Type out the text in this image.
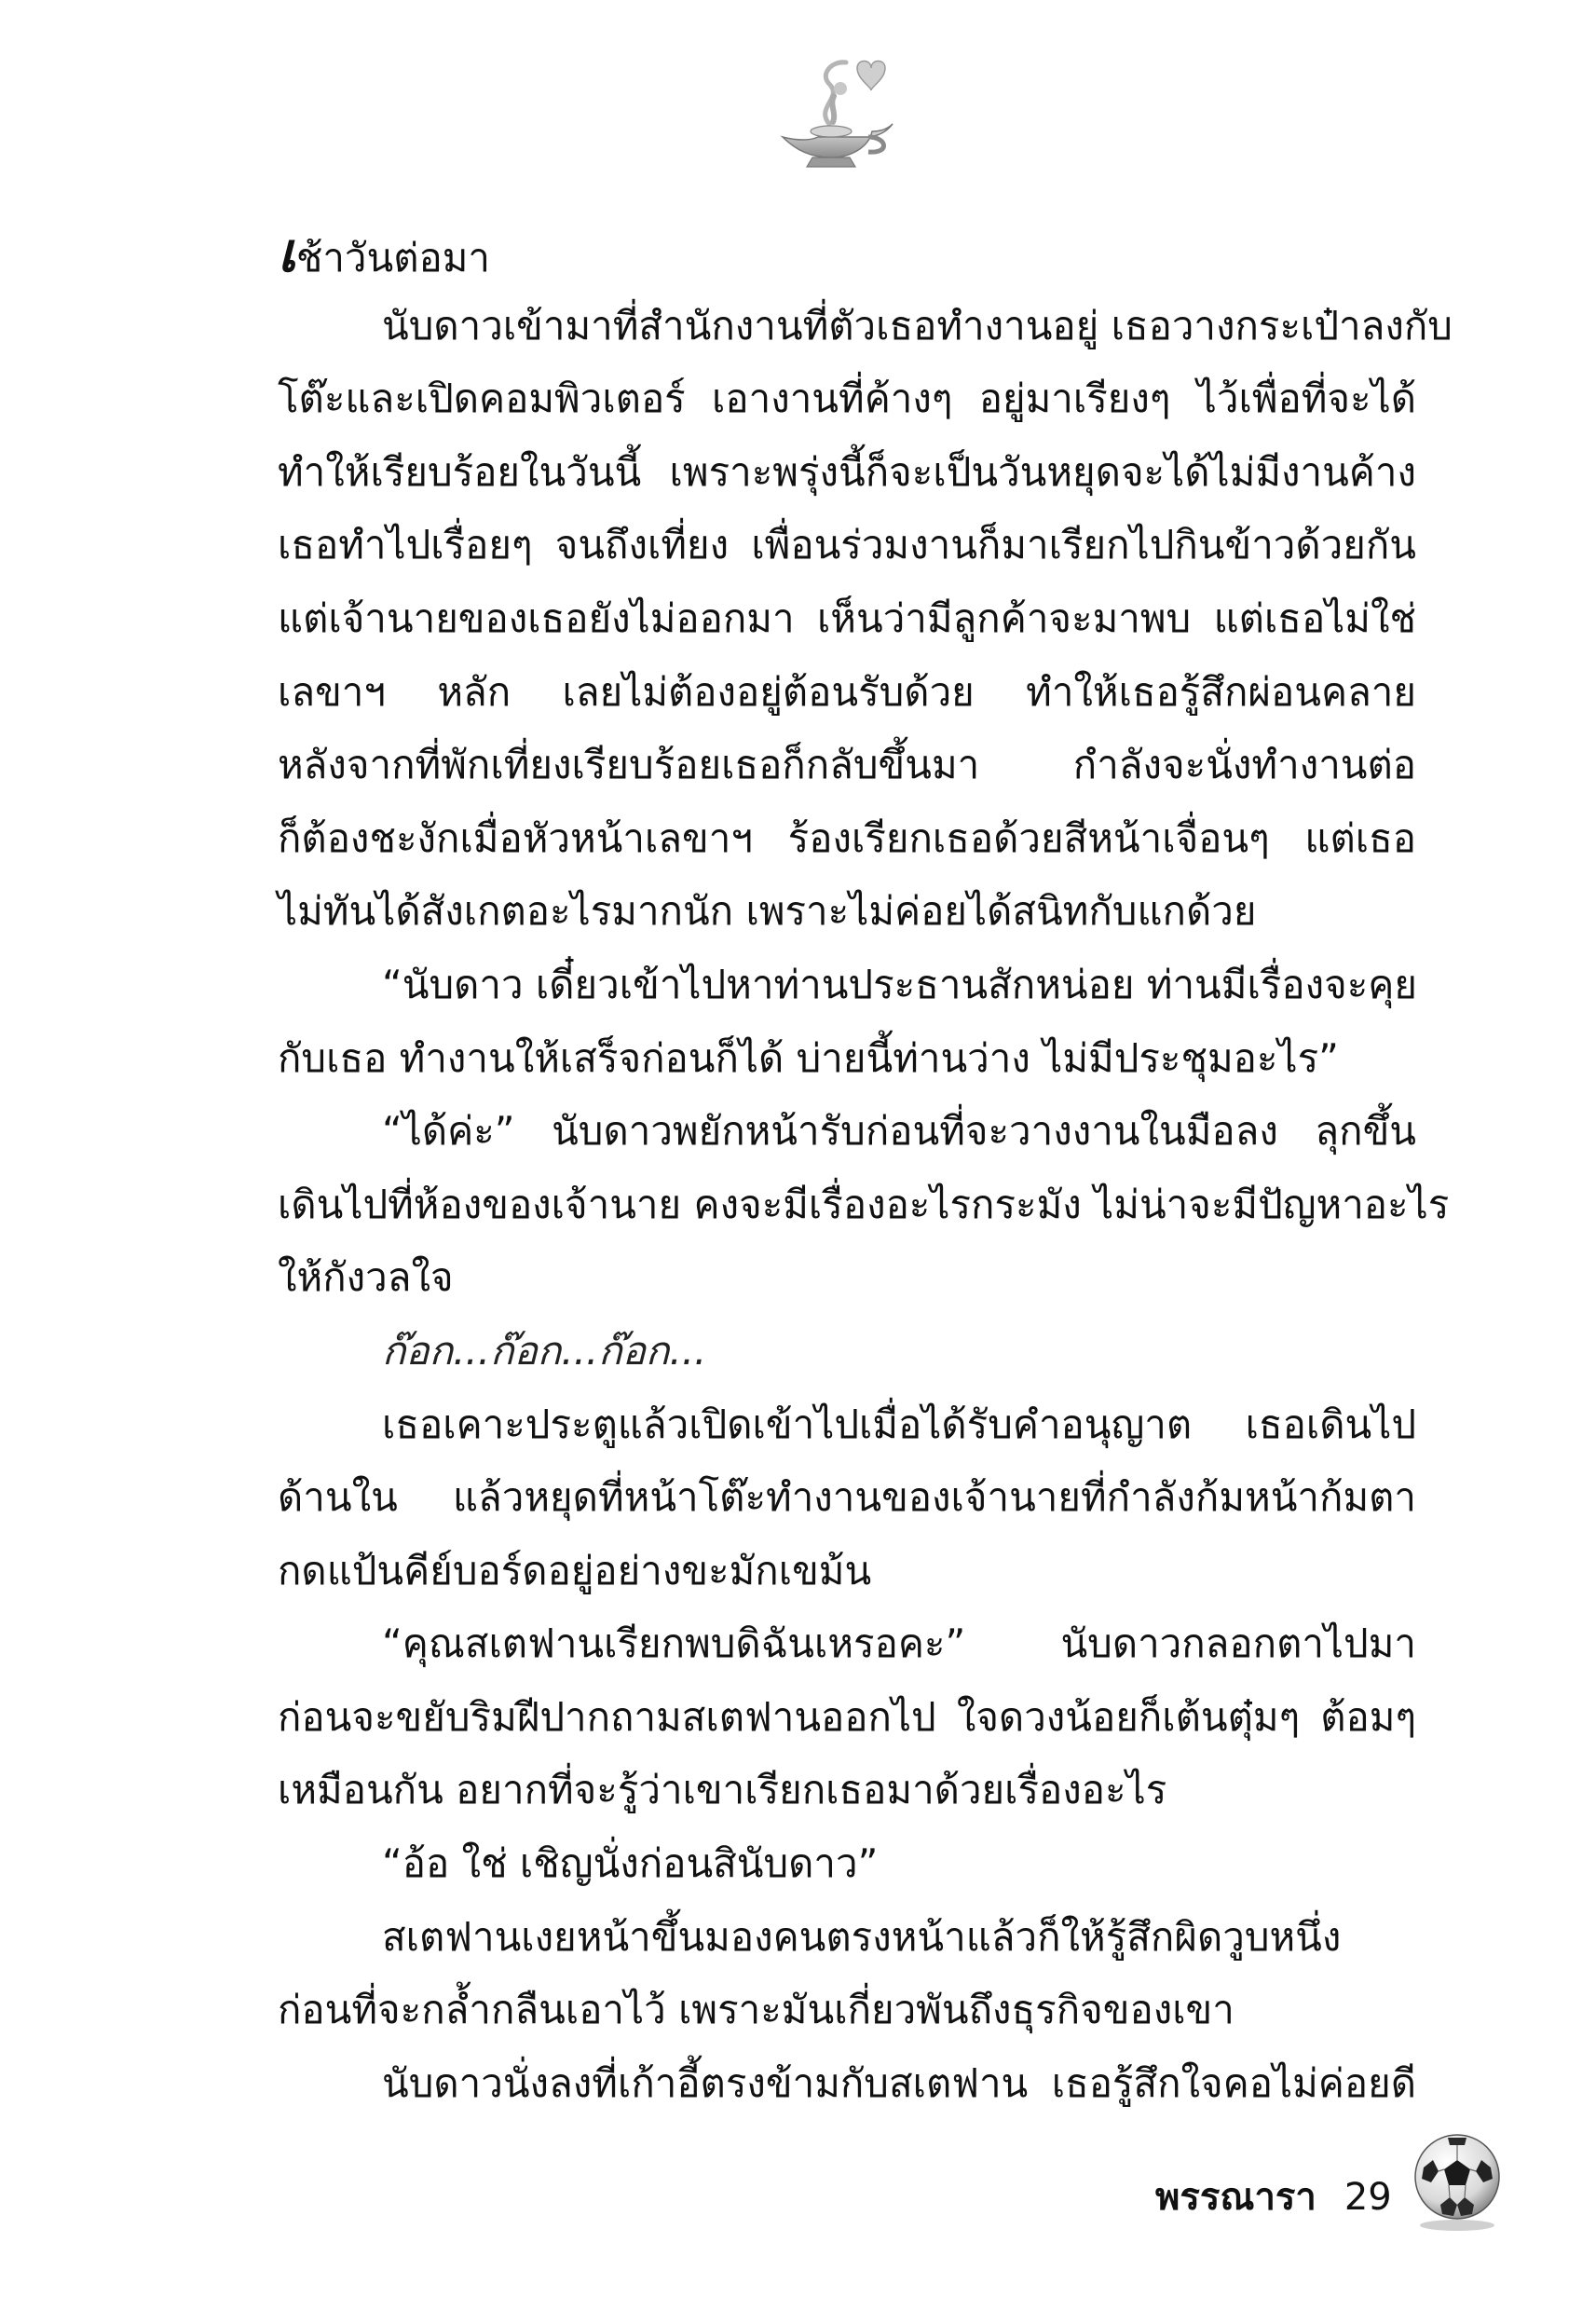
เช้าวันต่อมา
นับดาวเข้ามาที่สำนักงานที่ตัวเธอทำงานอยู่ เธอวางกระเป๋าลงกับ
โต๊ะและเปิดคอมพิวเตอร์ เอางานที่ค้างๆ อยู่มาเรียงๆ ไว้เพื่อที่จะได้
ทำให้เรียบร้อยในวันนี้ เพราะพรุ่งนี้ก็จะเป็นวันหยุดจะได้ไม่มีงานค้าง
เธอทำไปเรื่อยๆ จนถึงเที่ยง เพื่อนร่วมงานก็มาเรียกไปกินข้าวด้วยกัน
แต่เจ้านายของเธอยังไม่ออกมา เห็นว่ามีลูกค้าจะมาพบ แต่เธอไม่ใช่
เลขาฯ หลัก เลยไม่ต้องอยู่ต้อนรับด้วย ทำให้เธอรู้สึกผ่อนคลาย
หลังจากที่พักเที่ยงเรียบร้อยเธอก็กลับขึ้นมา กำลังจะนั่งทำงานต่อ
ก็ต้องชะงักเมื่อหัวหน้าเลขาฯ ร้องเรียกเธอด้วยสีหน้าเจื่อนๆ แต่เธอ
ไม่ทันได้สังเกตอะไรมากนัก เพราะไม่ค่อยได้สนิทกับแกด้วย
“นับดาว เดี๋ยวเข้าไปหาท่านประธานสักหน่อย ท่านมีเรื่องจะคุย
กับเธอ ทำงานให้เสร็จก่อนก็ได้ บ่ายนี้ท่านว่าง ไม่มีประชุมอะไร”
“ได้ค่ะ” นับดาวพยักหน้ารับก่อนที่จะวางงานในมือลง ลุกขึ้น
เดินไปที่ห้องของเจ้านาย คงจะมีเรื่องอะไรกระมัง ไม่น่าจะมีปัญหาอะไร
ให้กังวลใจ
ก๊อก...ก๊อก...ก๊อก...
เธอเคาะประตูแล้วเปิดเข้าไปเมื่อได้รับคำอนุญาต เธอเดินไป
ด้านใน แล้วหยุดที่หน้าโต๊ะทำงานของเจ้านายที่กำลังก้มหน้าก้มตา
กดแป้นคีย์บอร์ดอยู่อย่างขะมักเขม้น
“คุณสเตฟานเรียกพบดิฉันเหรอคะ” นับดาวกลอกตาไปมา
ก่อนจะขยับริมฝีปากถามสเตฟานออกไป ใจดวงน้อยก็เต้นตุ๋มๆ ต้อมๆ
เหมือนกัน อยากที่จะรู้ว่าเขาเรียกเธอมาด้วยเรื่องอะไร
“อ้อ ใช่ เชิญนั่งก่อนสินับดาว”
สเตฟานเงยหน้าขึ้นมองคนตรงหน้าแล้วก็ให้รู้สึกผิดวูบหนึ่ง
ก่อนที่จะกล้ำกลืนเอาไว้ เพราะมันเกี่ยวพันถึงธุรกิจของเขา
นับดาวนั่งลงที่เก้าอี้ตรงข้ามกับสเตฟาน เธอรู้สึกใจคอไม่ค่อยดี
พรรณารา 29
